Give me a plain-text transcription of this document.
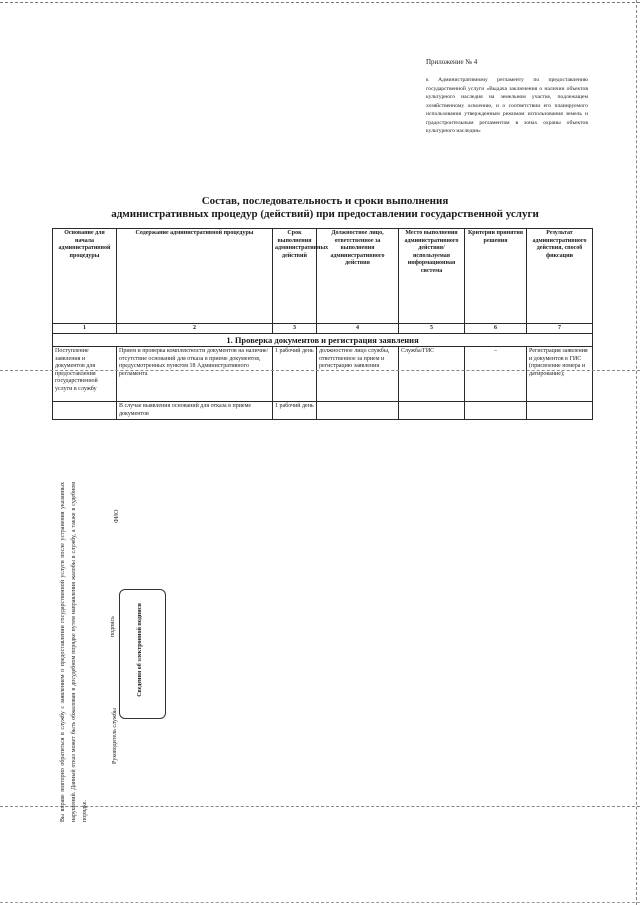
Приложение № 4
к Административному регламенту по предоставлению государственной услуги «Выдача заключения о наличии объектов культурного наследия на земельном участке, подлежащем хозяйственному освоению, и о соответствии его планируемого использования утвержденным режимам использования земель и градостроительным регламентам в зонах охраны объектов культурного наследия»
Состав, последовательность и сроки выполнения
административных процедур (действий) при предоставлении государственной услуги
Основание для начала административной процедуры	Содержание административной процедуры	Срок выполнения административных действий	Должностное лицо, ответственное за выполнения административного действия	Место выполнения административного действия/ используемая информационная система	Критерии принятия решения	Результат административного действия, способ фиксации
1	2	3	4	5	6	7
1. Проверка документов и регистрация заявления						
Поступление заявления и документов для предоставления государственной услуги в службу	Прием и проверка комплектности документов на наличие/отсутствие оснований для отказа в приеме документов, предусмотренных пунктом 18 Административного регламента	1 рабочий день	должностное лицо службы, ответственное за прием и регистрацию заявления	Служба/ГИС	–	Регистрация заявления и документов в ГИС (присвоение номера и датирование);
	В случае выявления оснований для отказа в приеме документов	1 рабочий день				
Вы вправе повторно обратиться в службу с заявлением о предоставлении государственной услуги после устранения указанных нарушений. Данный отказ может быть обжалован в досудебном порядке путем направления жалобы в службу, а также в судебном порядке.
Руководитель службы
подпись
ФИО
Сведения об электронной подписи
